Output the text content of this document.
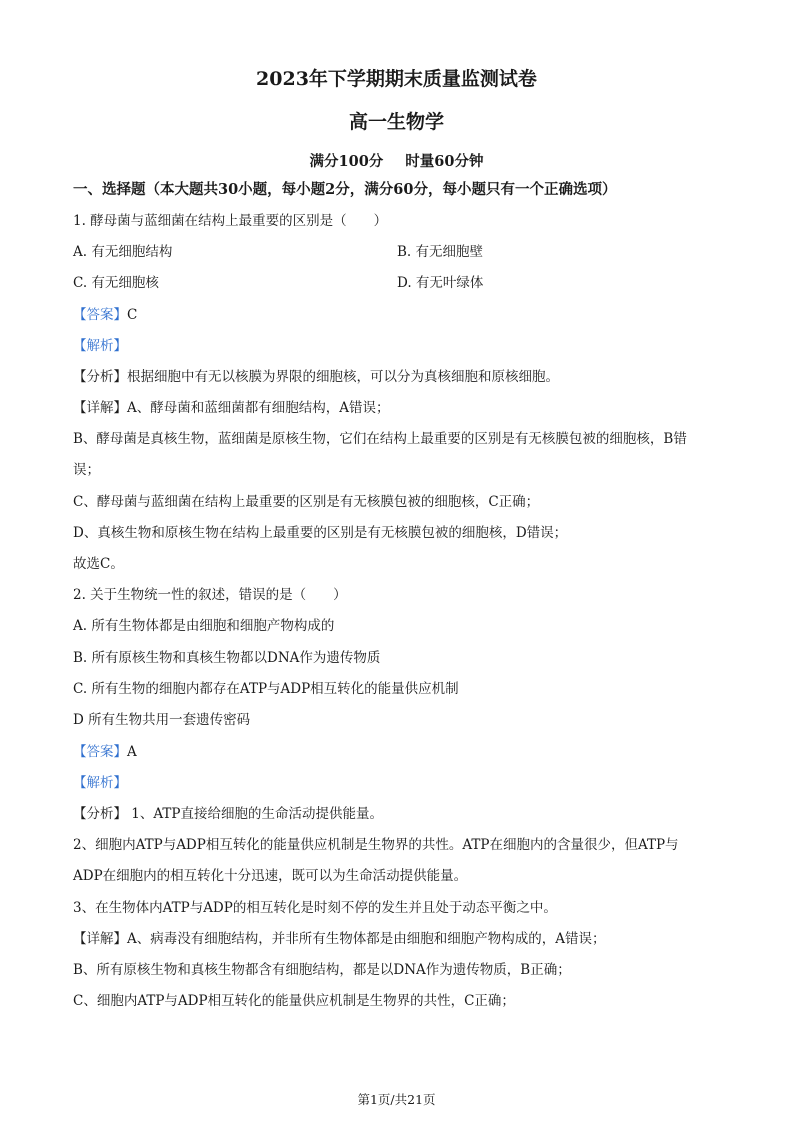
2023年下学期期末质量监测试卷
高一生物学
满分100分 时量60分钟
一、选择题（本大题共30小题，每小题2分，满分60分，每小题只有一个正确选项）
1. 酵母菌与蓝细菌在结构上最重要的区别是（　　）
A. 有无细胞结构	B. 有无细胞壁
C. 有无细胞核	D. 有无叶绿体
【答案】C
【解析】
【分析】根据细胞中有无以核膜为界限的细胞核，可以分为真核细胞和原核细胞。
【详解】A、酵母菌和蓝细菌都有细胞结构，A错误；
B、酵母菌是真核生物，蓝细菌是原核生物，它们在结构上最重要的区别是有无核膜包被的细胞核，B错
误；
C、酵母菌与蓝细菌在结构上最重要的区别是有无核膜包被的细胞核，C正确；
D、真核生物和原核生物在结构上最重要的区别是有无核膜包被的细胞核，D错误；
故选C。
2. 关于生物统一性的叙述，错误的是（　　）
A. 所有生物体都是由细胞和细胞产物构成的
B. 所有原核生物和真核生物都以DNA作为遗传物质
C. 所有生物的细胞内都存在ATP与ADP相互转化的能量供应机制
D 所有生物共用一套遗传密码
【答案】A
【解析】
【分析】 1、ATP直接给细胞的生命活动提供能量。
2、细胞内ATP与ADP相互转化的能量供应机制是生物界的共性。ATP在细胞内的含量很少，但ATP与
ADP在细胞内的相互转化十分迅速，既可以为生命活动提供能量。
3、在生物体内ATP与ADP的相互转化是时刻不停的发生并且处于动态平衡之中。
【详解】A、病毒没有细胞结构，并非所有生物体都是由细胞和细胞产物构成的，A错误；
B、所有原核生物和真核生物都含有细胞结构，都是以DNA作为遗传物质，B正确；
C、细胞内ATP与ADP相互转化的能量供应机制是生物界的共性，C正确；
第1页/共21页
